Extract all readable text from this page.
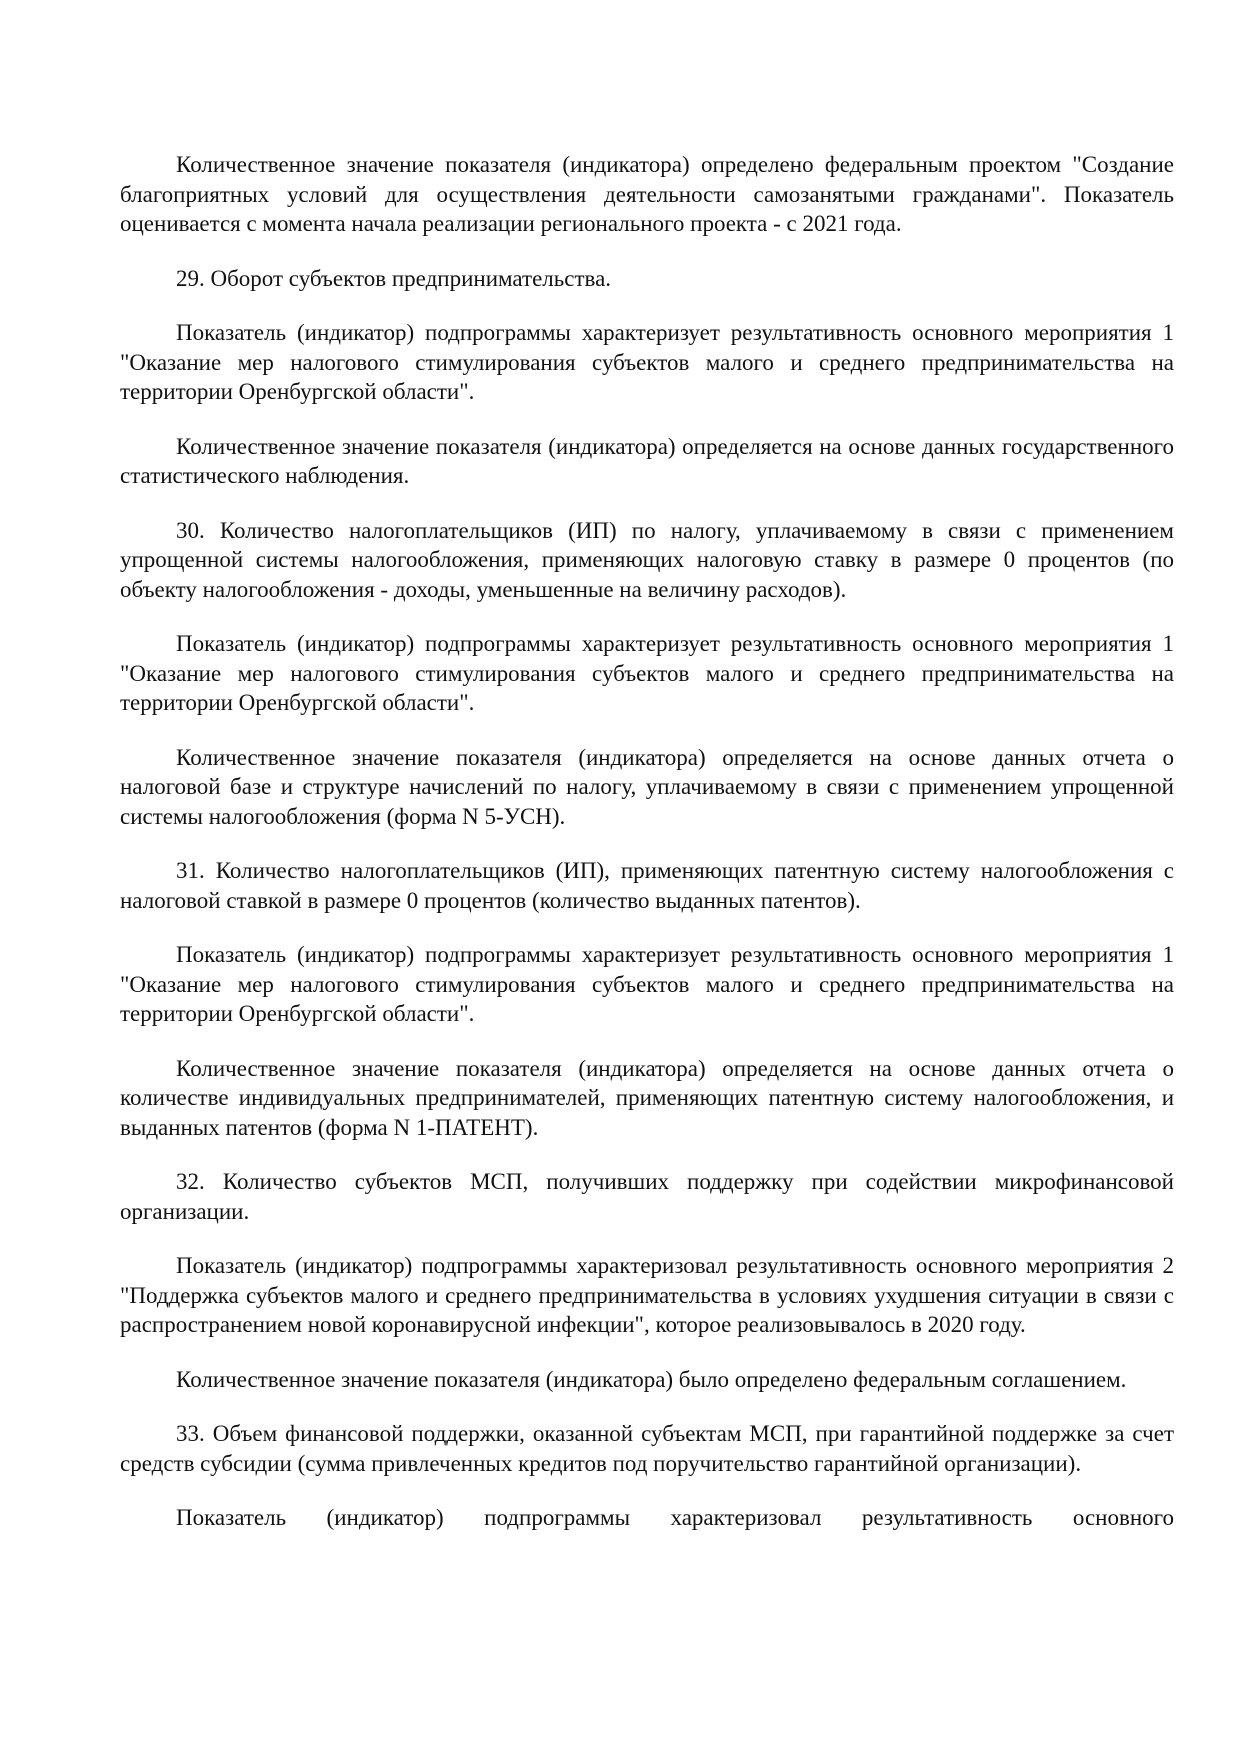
Количественное значение показателя (индикатора) определено федеральным проектом "Создание благоприятных условий для осуществления деятельности самозанятыми гражданами". Показатель оценивается с момента начала реализации регионального проекта - с 2021 года.

29. Оборот субъектов предпринимательства.

Показатель (индикатор) подпрограммы характеризует результативность основного мероприятия 1 "Оказание мер налогового стимулирования субъектов малого и среднего предпринимательства на территории Оренбургской области".

Количественное значение показателя (индикатора) определяется на основе данных государственного статистического наблюдения.

30. Количество налогоплательщиков (ИП) по налогу, уплачиваемому в связи с применением упрощенной системы налогообложения, применяющих налоговую ставку в размере 0 процентов (по объекту налогообложения - доходы, уменьшенные на величину расходов).

Показатель (индикатор) подпрограммы характеризует результативность основного мероприятия 1 "Оказание мер налогового стимулирования субъектов малого и среднего предпринимательства на территории Оренбургской области".

Количественное значение показателя (индикатора) определяется на основе данных отчета о налоговой базе и структуре начислений по налогу, уплачиваемому в связи с применением упрощенной системы налогообложения (форма N 5-УСН).

31. Количество налогоплательщиков (ИП), применяющих патентную систему налогообложения с налоговой ставкой в размере 0 процентов (количество выданных патентов).

Показатель (индикатор) подпрограммы характеризует результативность основного мероприятия 1 "Оказание мер налогового стимулирования субъектов малого и среднего предпринимательства на территории Оренбургской области".

Количественное значение показателя (индикатора) определяется на основе данных отчета о количестве индивидуальных предпринимателей, применяющих патентную систему налогообложения, и выданных патентов (форма N 1-ПАТЕНТ).

32. Количество субъектов МСП, получивших поддержку при содействии микрофинансовой организации.

Показатель (индикатор) подпрограммы характеризовал результативность основного мероприятия 2 "Поддержка субъектов малого и среднего предпринимательства в условиях ухудшения ситуации в связи с распространением новой коронавирусной инфекции", которое реализовывалось в 2020 году.

Количественное значение показателя (индикатора) было определено федеральным соглашением.

33. Объем финансовой поддержки, оказанной субъектам МСП, при гарантийной поддержке за счет средств субсидии (сумма привлеченных кредитов под поручительство гарантийной организации).

Показатель (индикатор) подпрограммы характеризовал результативность основного
